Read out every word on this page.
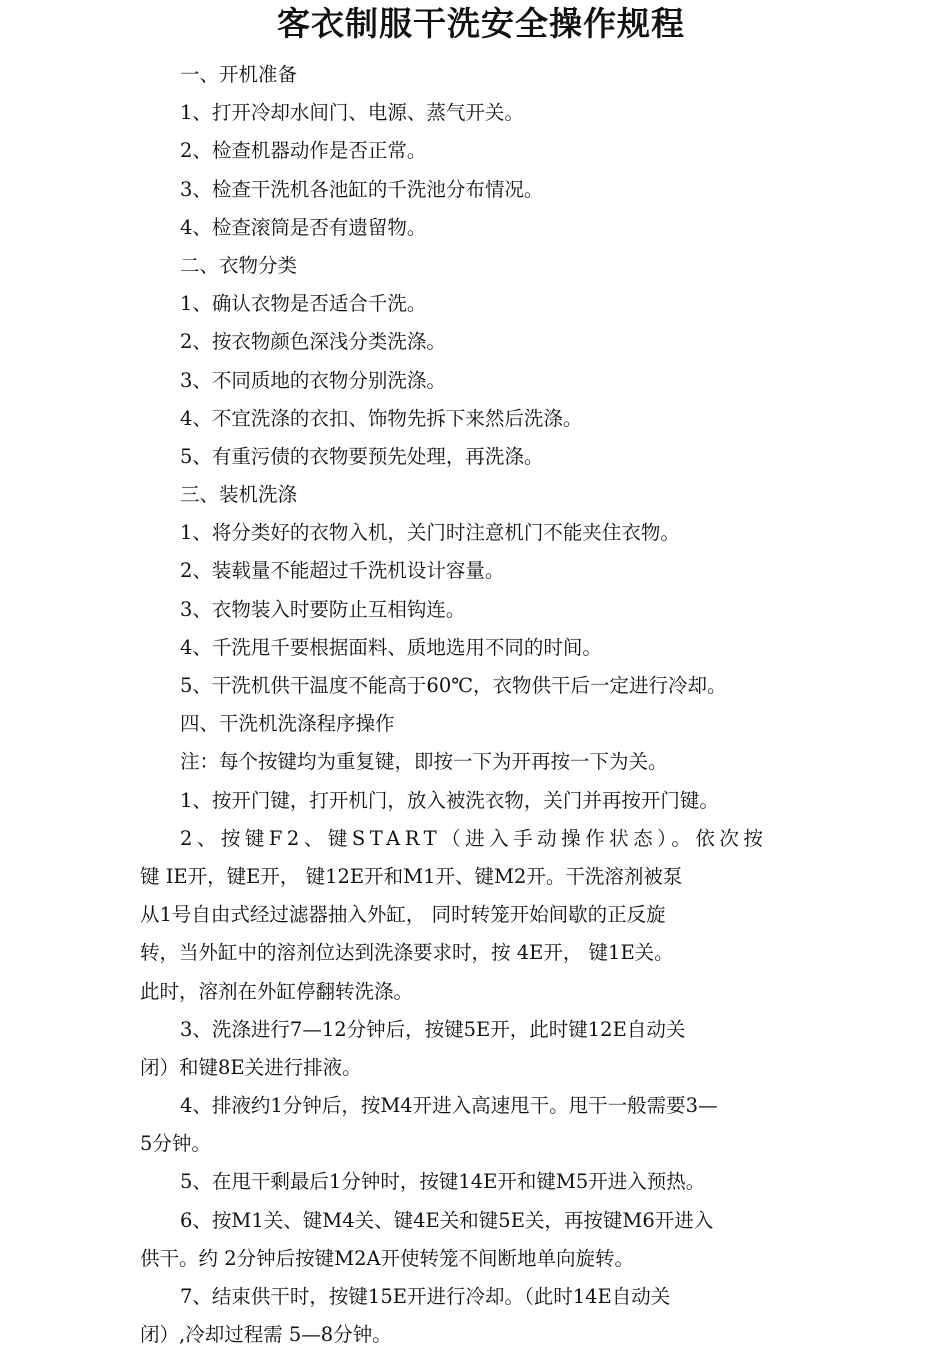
客衣制服干洗安全操作规程
一、开机准备
1、打开冷却水间门、电源、蒸气开关。
2、检查机器动作是否正常。
3、检查干洗机各池缸的千洗池分布情况。
4、检查滚筒是否有遗留物。
二、衣物分类
1、确认衣物是否适合千洗。
2、按衣物颜色深浅分类洗涤。
3、不同质地的衣物分别洗涤。
4、不宜洗涤的衣扣、饰物先拆下来然后洗涤。
5、有重污债的衣物要预先处理，再洗涤。
三、装机洗涤
1、将分类好的衣物入机，关门时注意机门不能夹住衣物。
2、装载量不能超过千洗机设计容量。
3、衣物装入时要防止互相钩连。
4、千洗甩千要根据面料、质地选用不同的时间。
5、干洗机供干温度不能高于60℃，衣物供干后一定进行冷却。
四、干洗机洗涤程序操作
注：每个按键均为重复键，即按一下为开再按一下为关。
1、按开门键，打开机门，放入被洗衣物，关门并再按开门键。
2、按键F2、键START（进入手动操作状态）。依次按
键 IE开，键E开， 键12E开和M1开、键M2开。干洗溶剂被泵
从1号自由式经过滤器抽入外缸， 同时转笼开始间歇的正反旋
转，当外缸中的溶剂位达到洗涤要求时，按 4E开， 键1E关。
此时，溶剂在外缸停翻转洗涤。
3、洗涤进行7—12分钟后，按键5E开，此时键12E自动关
闭）和键8E关进行排液。
4、排液约1分钟后，按M4开进入高速甩干。甩干一般需要3—
5分钟。
5、在甩干剩最后1分钟时，按键14E开和键M5开进入预热。
6、按M1关、键M4关、键4E关和键5E关，再按键M6开进入
供干。约 2分钟后按键M2A开使转笼不间断地单向旋转。
7、结束供干时，按键15E开进行冷却。（此时14E自动关
闭）,冷却过程需 5—8分钟。
